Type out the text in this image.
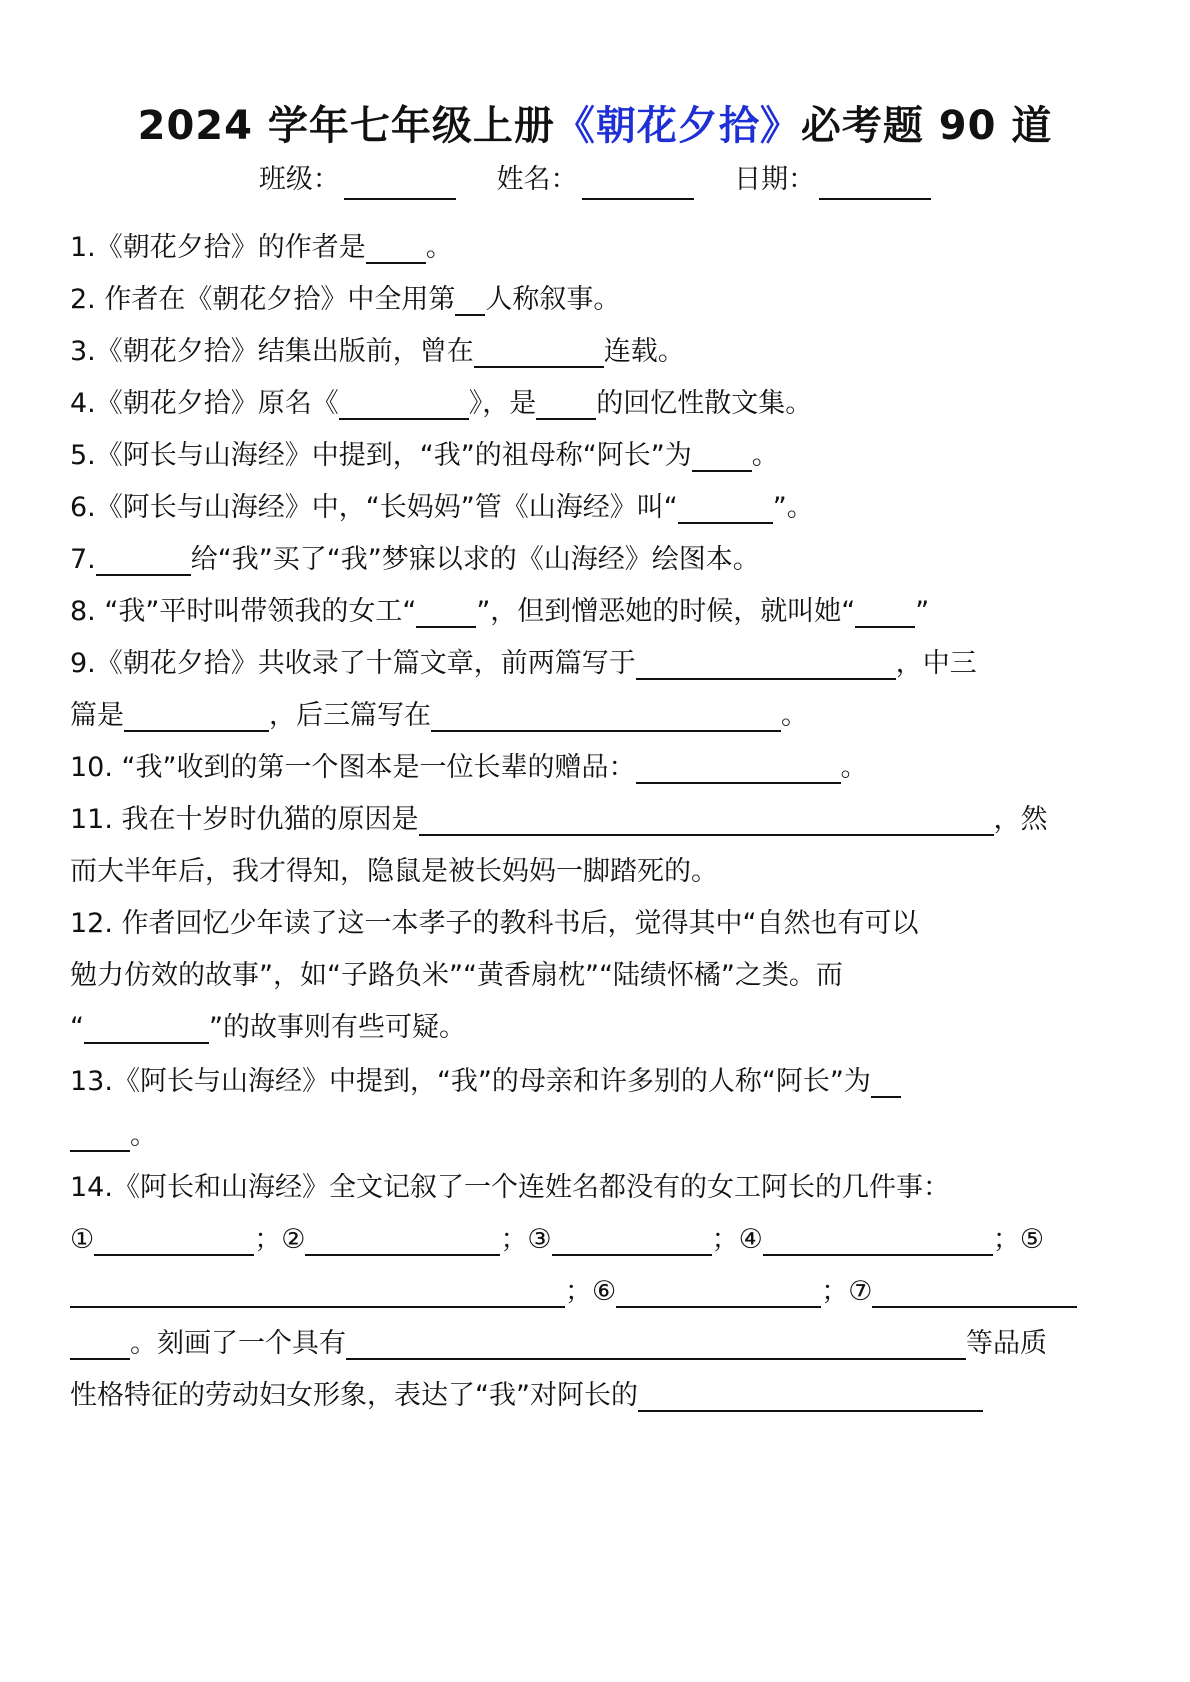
2024 学年七年级上册《朝花夕拾》必考题 90 道
班级：	姓名：	日期：
1.《朝花夕拾》的作者是 。
2. 作者在《朝花夕拾》中全用第 人称叙事。
3.《朝花夕拾》结集出版前，曾在	连载。
4.《朝花夕拾》原名《	》，是 的回忆性散文集。
5.《阿长与山海经》中提到，“我”的祖母称“阿长”为 。
6.《阿长与山海经》中，“长妈妈”管《山海经》叫“	”。
7.	给“我”买了“我”梦寐以求的《山海经》绘图本。
8. “我”平时叫带领我的女工“ ”，但到憎恶她的时候，就叫她“ ”
9.《朝花夕拾》共收录了十篇文章，前两篇写于	，中三
篇是	，后三篇写在	。
10. “我”收到的第一个图本是一位长辈的赠品：	。
11. 我在十岁时仇猫的原因是	，然
而大半年后，我才得知，隐鼠是被长妈妈一脚踏死的。
12. 作者回忆少年读了这一本孝子的教科书后，觉得其中“自然也有可以
勉力仿效的故事”，如“子路负米”“黄香扇枕”“陆绩怀橘”之类。而
“	”的故事则有些可疑。
13.《阿长与山海经》中提到，“我”的母亲和许多别的人称“阿长”为
。
14.《阿长和山海经》全文记叙了一个连姓名都没有的女工阿长的几件事：
①	；②	；③	；④	；⑤
；⑥	；⑦
。刻画了一个具有	等品质
性格特征的劳动妇女形象，表达了“我”对阿长的
